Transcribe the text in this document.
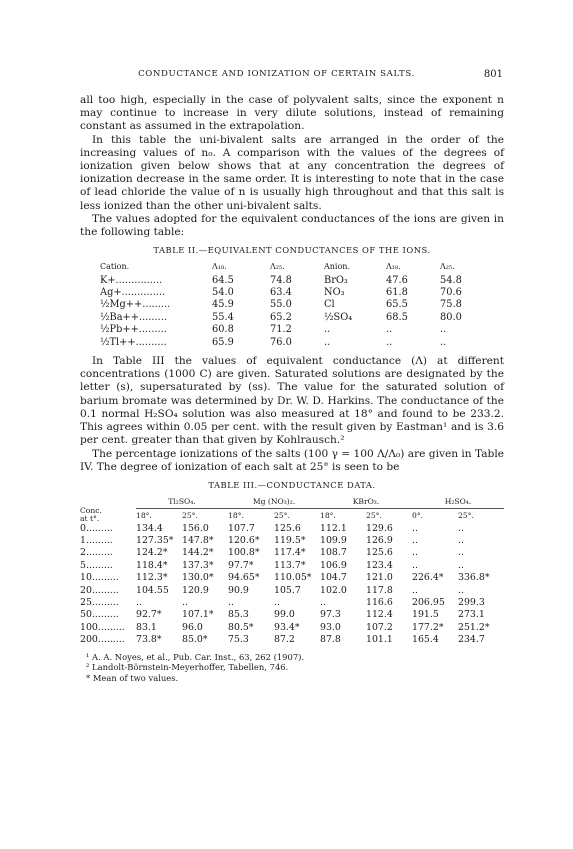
CONDUCTANCE AND IONIZATION OF CERTAIN SALTS.	801

all too high, especially in the case of polyvalent salts, since the exponent n may continue to increase in very dilute solutions, instead of remaining constant as assumed in the extrapolation.

In this table the uni-bivalent salts are arranged in the order of the increasing values of n₀. A comparison with the values of the degrees of ionization given below shows that at any concentration the degrees of ionization decrease in the same order. It is interesting to note that in the case of lead chloride the value of n is usually high throughout and that this salt is less ionized than the other uni-bivalent salts.

The values adopted for the equivalent conductances of the ions are given in the following table:

TABLE II.—EQUIVALENT CONDUCTANCES OF THE IONS.
Cation.	Λ₁₈.	Λ₂₅.	Anion.	Λ₁₈.	Λ₂₅.
K+...............	64.5	74.8	BrO₃	47.6	54.8
Ag+..............	54.0	63.4	NO₃	61.8	70.6
½Mg++.........	45.9	55.0	Cl	65.5	75.8
½Ba++.........	55.4	65.2	½SO₄	68.5	80.0
½Pb++.........	60.8	71.2	..	..	..
½Tl++..........	65.9	76.0	..	..	..

In Table III the values of equivalent conductance (Λ) at different concentrations (1000 C) are given. Saturated solutions are designated by the letter (s), supersaturated by (ss). The value for the saturated solution of barium bromate was determined by Dr. W. D. Harkins. The conductance of the 0.1 normal H₂SO₄ solution was also measured at 18° and found to be 233.2. This agrees within 0.05 per cent. with the result given by Eastman¹ and is 3.6 per cent. greater than that given by Kohlrausch.²

The percentage ionizations of the salts (100 γ = 100 Λ/Λ₀) are given in Table IV. The degree of ionization of each salt at 25° is seen to be

TABLE III.—CONDUCTANCE DATA.
Conc.
at t°.	Tl₂SO₄.		Mg (NO₃)₂.		KBrO₃.		H₂SO₄.	
	18°.	25°.	18°.	25°.	18°.	25°.	0°.	25°.
0.........	134.4	156.0	107.7	125.6	112.1	129.6	..	..
1.........	127.35*	147.8*	120.6*	119.5*	109.9	126.9	..	..
2.........	124.2*	144.2*	100.8*	117.4*	108.7	125.6	..	..
5.........	118.4*	137.3*	97.7*	113.7*	106.9	123.4	..	..
10.........	112.3*	130.0*	94.65*	110.05*	104.7	121.0	226.4*	336.8*
20.........	104.55	120.9	90.9	105.7	102.0	117.8	..	..
25.........	..	..	..	..	..	116.6	206.95	299.3
50.........	92.7*	107.1*	85.3	99.0	97.3	112.4	191.5	273.1
100.........	83.1	96.0	80.5*	93.4*	93.0	107.2	177.2*	251.2*
200.........	73.8*	85.0*	75.3	87.2	87.8	101.1	165.4	234.7
¹ A. A. Noyes, et al., Pub. Car. Inst., 63, 262 (1907).
² Landolt-Börnstein-Meyerhoffer, Tabellen, 746.
* Mean of two values.
